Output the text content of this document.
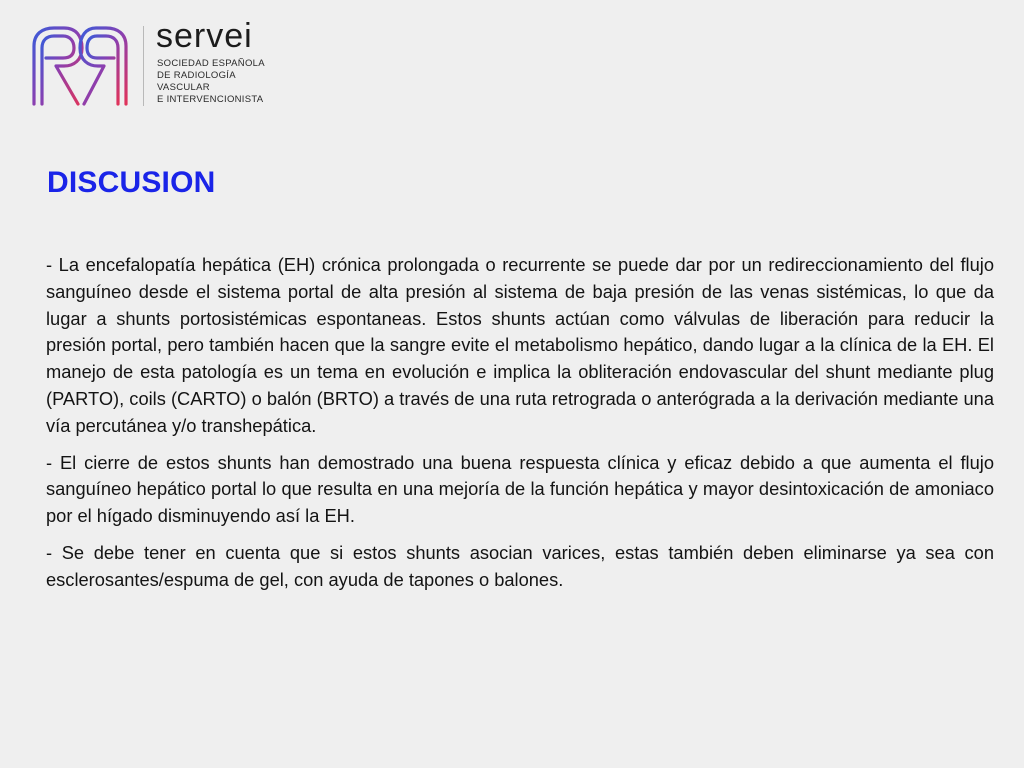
servei
SOCIEDAD ESPAÑOLA
DE RADIOLOGÍA
VASCULAR
E INTERVENCIONISTA
DISCUSION

- La encefalopatía hepática (EH) crónica prolongada o recurrente se puede dar por un redireccionamiento del flujo sanguíneo desde el sistema portal de alta presión al sistema de baja presión de las venas sistémicas, lo que da lugar a shunts portosistémicas espontaneas. Estos shunts actúan como válvulas de liberación para reducir la presión portal, pero también hacen que la sangre evite el metabolismo hepático, dando lugar a la clínica de la EH. El manejo de esta patología es un tema en evolución e implica la obliteración endovascular del shunt mediante plug (PARTO), coils (CARTO) o balón (BRTO) a través de una ruta retrograda o anterógrada a la derivación mediante una vía percutánea y/o transhepática.

- El cierre de estos shunts han demostrado una buena respuesta clínica y eficaz debido a que aumenta el flujo sanguíneo hepático portal lo que resulta en una mejoría de la función hepática y mayor desintoxicación de amoniaco por el hígado disminuyendo así la EH.

- Se debe tener en cuenta que si estos shunts asocian varices, estas también deben eliminarse ya sea con esclerosantes/espuma de gel, con ayuda de tapones o balones.
